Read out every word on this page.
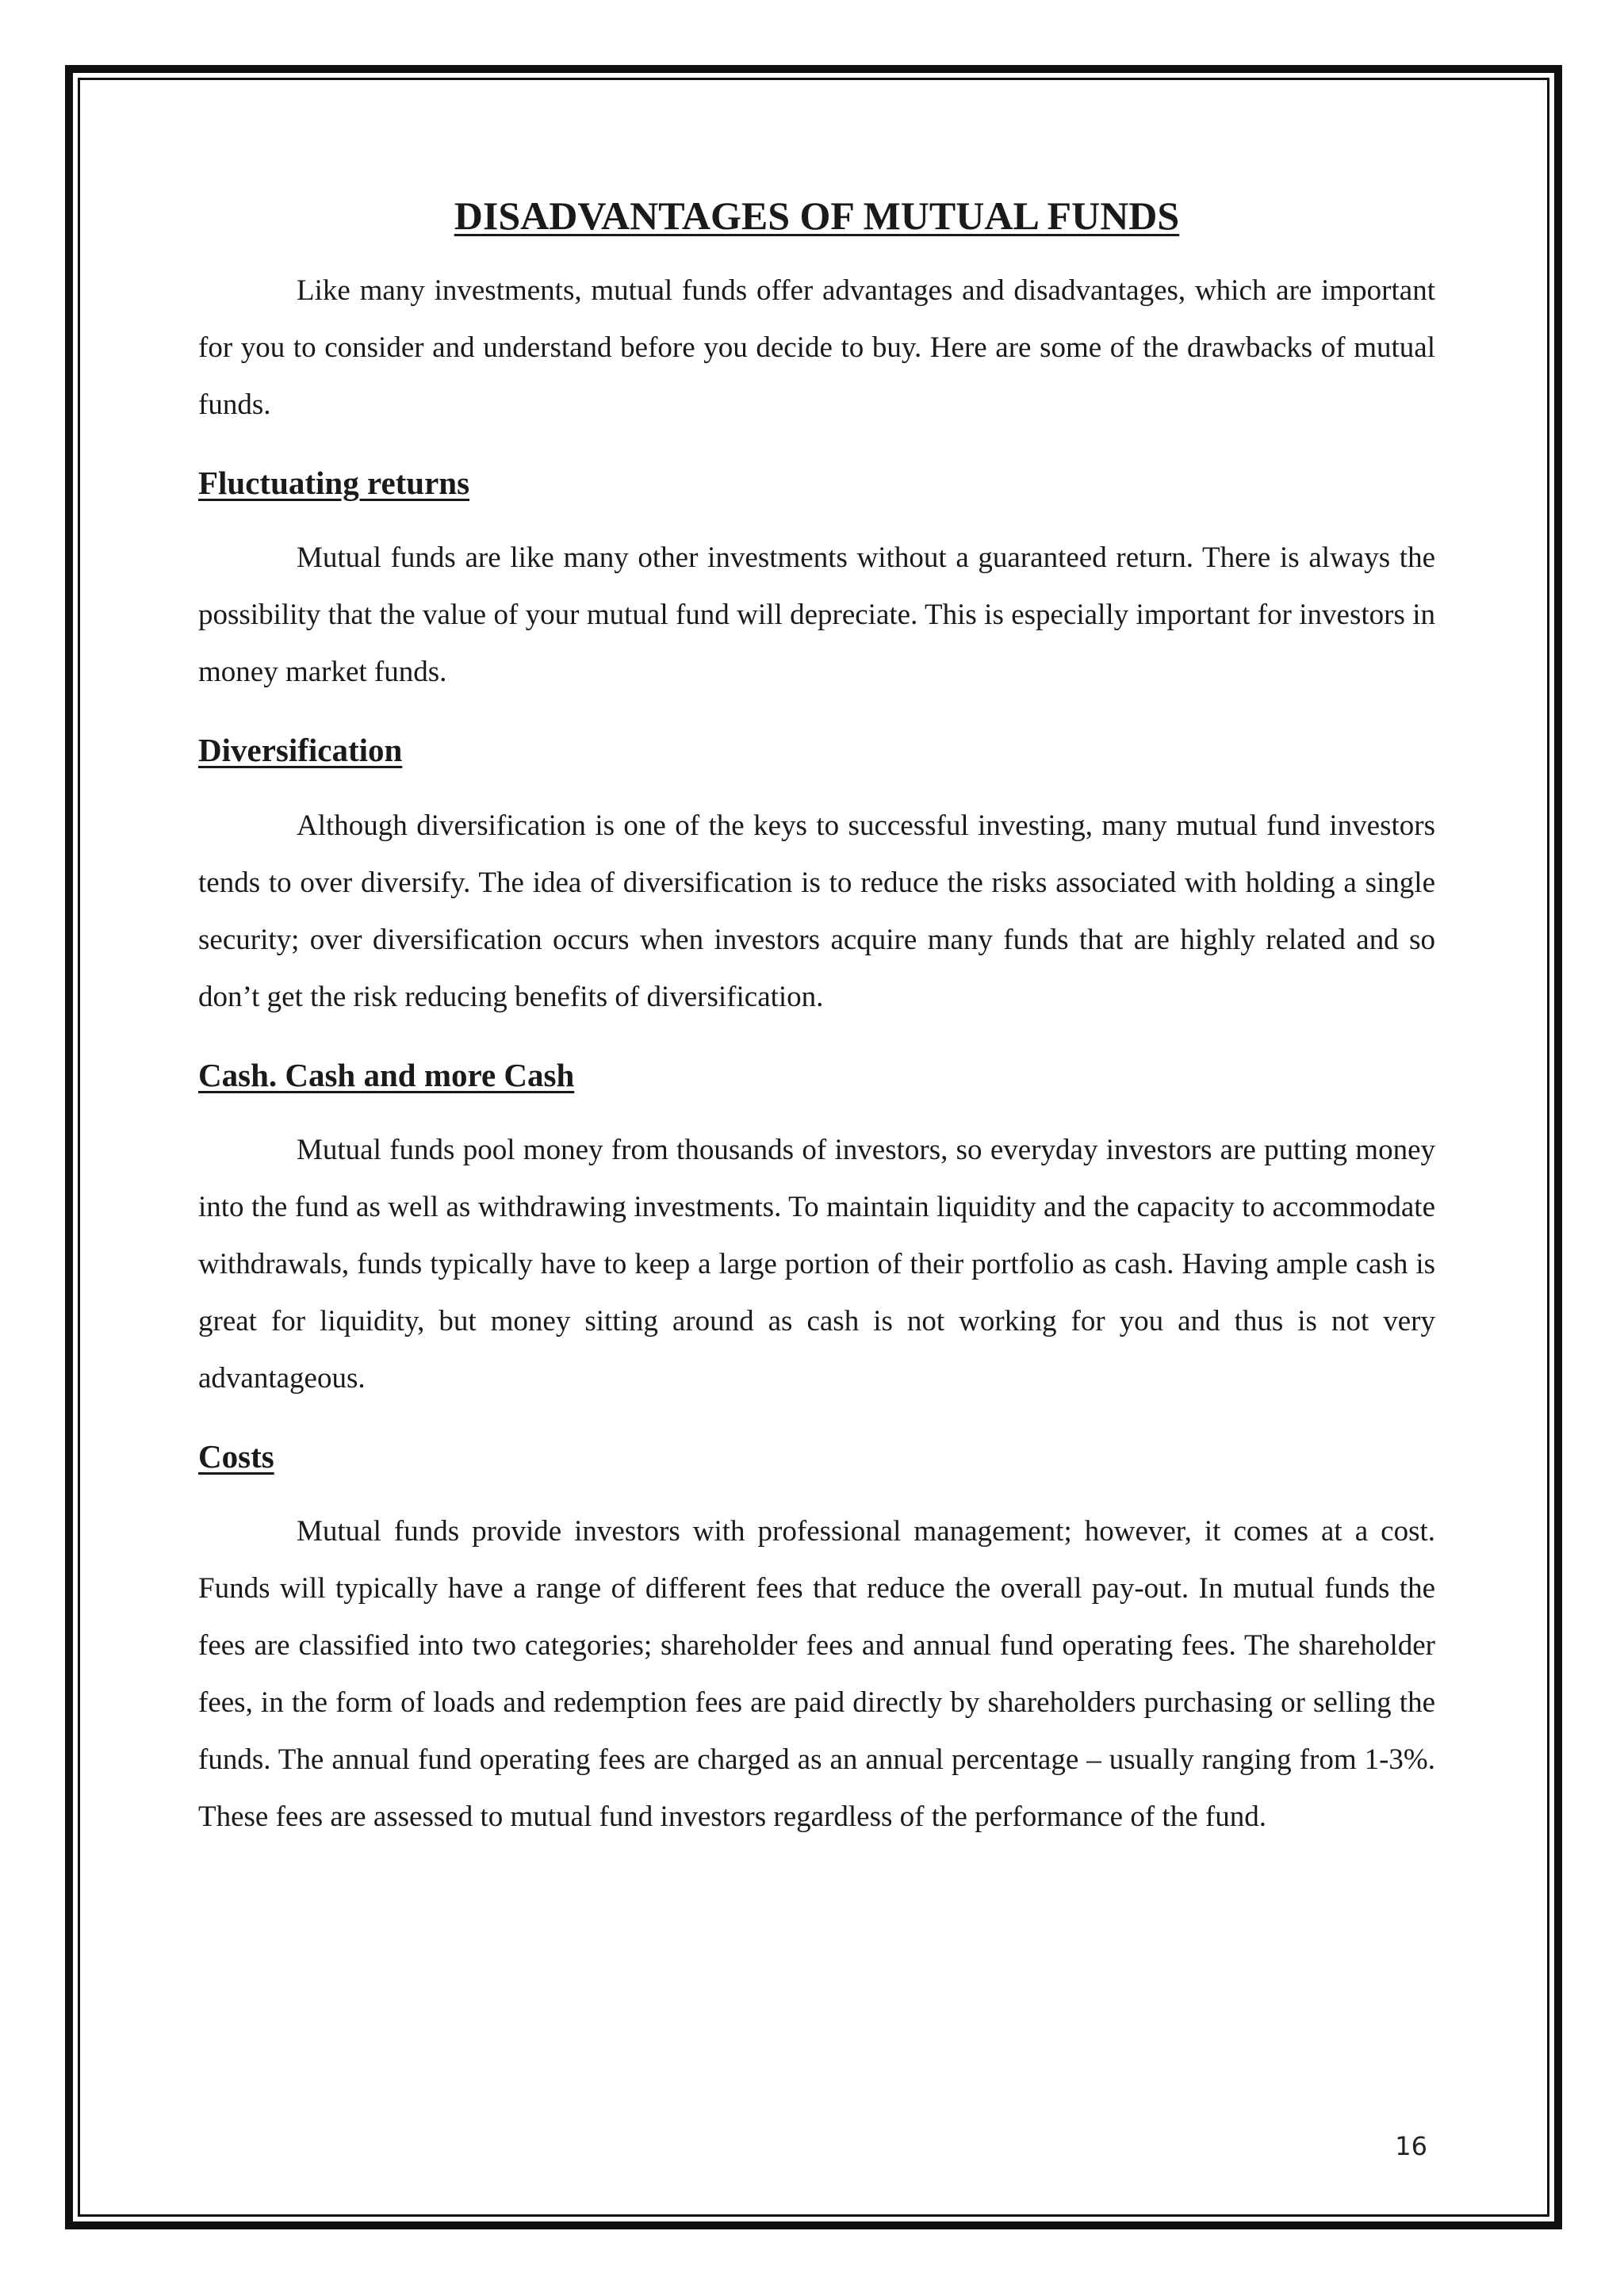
DISADVANTAGES OF MUTUAL FUNDS

Like many investments, mutual funds offer advantages and disadvantages, which are important for you to consider and understand before you decide to buy. Here are some of the drawbacks of mutual funds.

Fluctuating returns

Mutual funds are like many other investments without a guaranteed return. There is always the possibility that the value of your mutual fund will depreciate. This is especially important for investors in money market funds.

Diversification

Although diversification is one of the keys to successful investing, many mutual fund investors tends to over diversify. The idea of diversification is to reduce the risks associated with holding a single security; over diversification occurs when investors acquire many funds that are highly related and so don’t get the risk reducing benefits of diversification.

Cash. Cash and more Cash

Mutual funds pool money from thousands of investors, so everyday investors are putting money into the fund as well as withdrawing investments. To maintain liquidity and the capacity to accommodate withdrawals, funds typically have to keep a large portion of their portfolio as cash. Having ample cash is great for liquidity, but money sitting around as cash is not working for you and thus is not very advantageous.

Costs

Mutual funds provide investors with professional management; however, it comes at a cost. Funds will typically have a range of different fees that reduce the overall pay-out. In mutual funds the fees are classified into two categories; shareholder fees and annual fund operating fees. The shareholder fees, in the form of loads and redemption fees are paid directly by shareholders purchasing or selling the funds. The annual fund operating fees are charged as an annual percentage – usually ranging from 1-3%. These fees are assessed to mutual fund investors regardless of the performance of the fund.

16
